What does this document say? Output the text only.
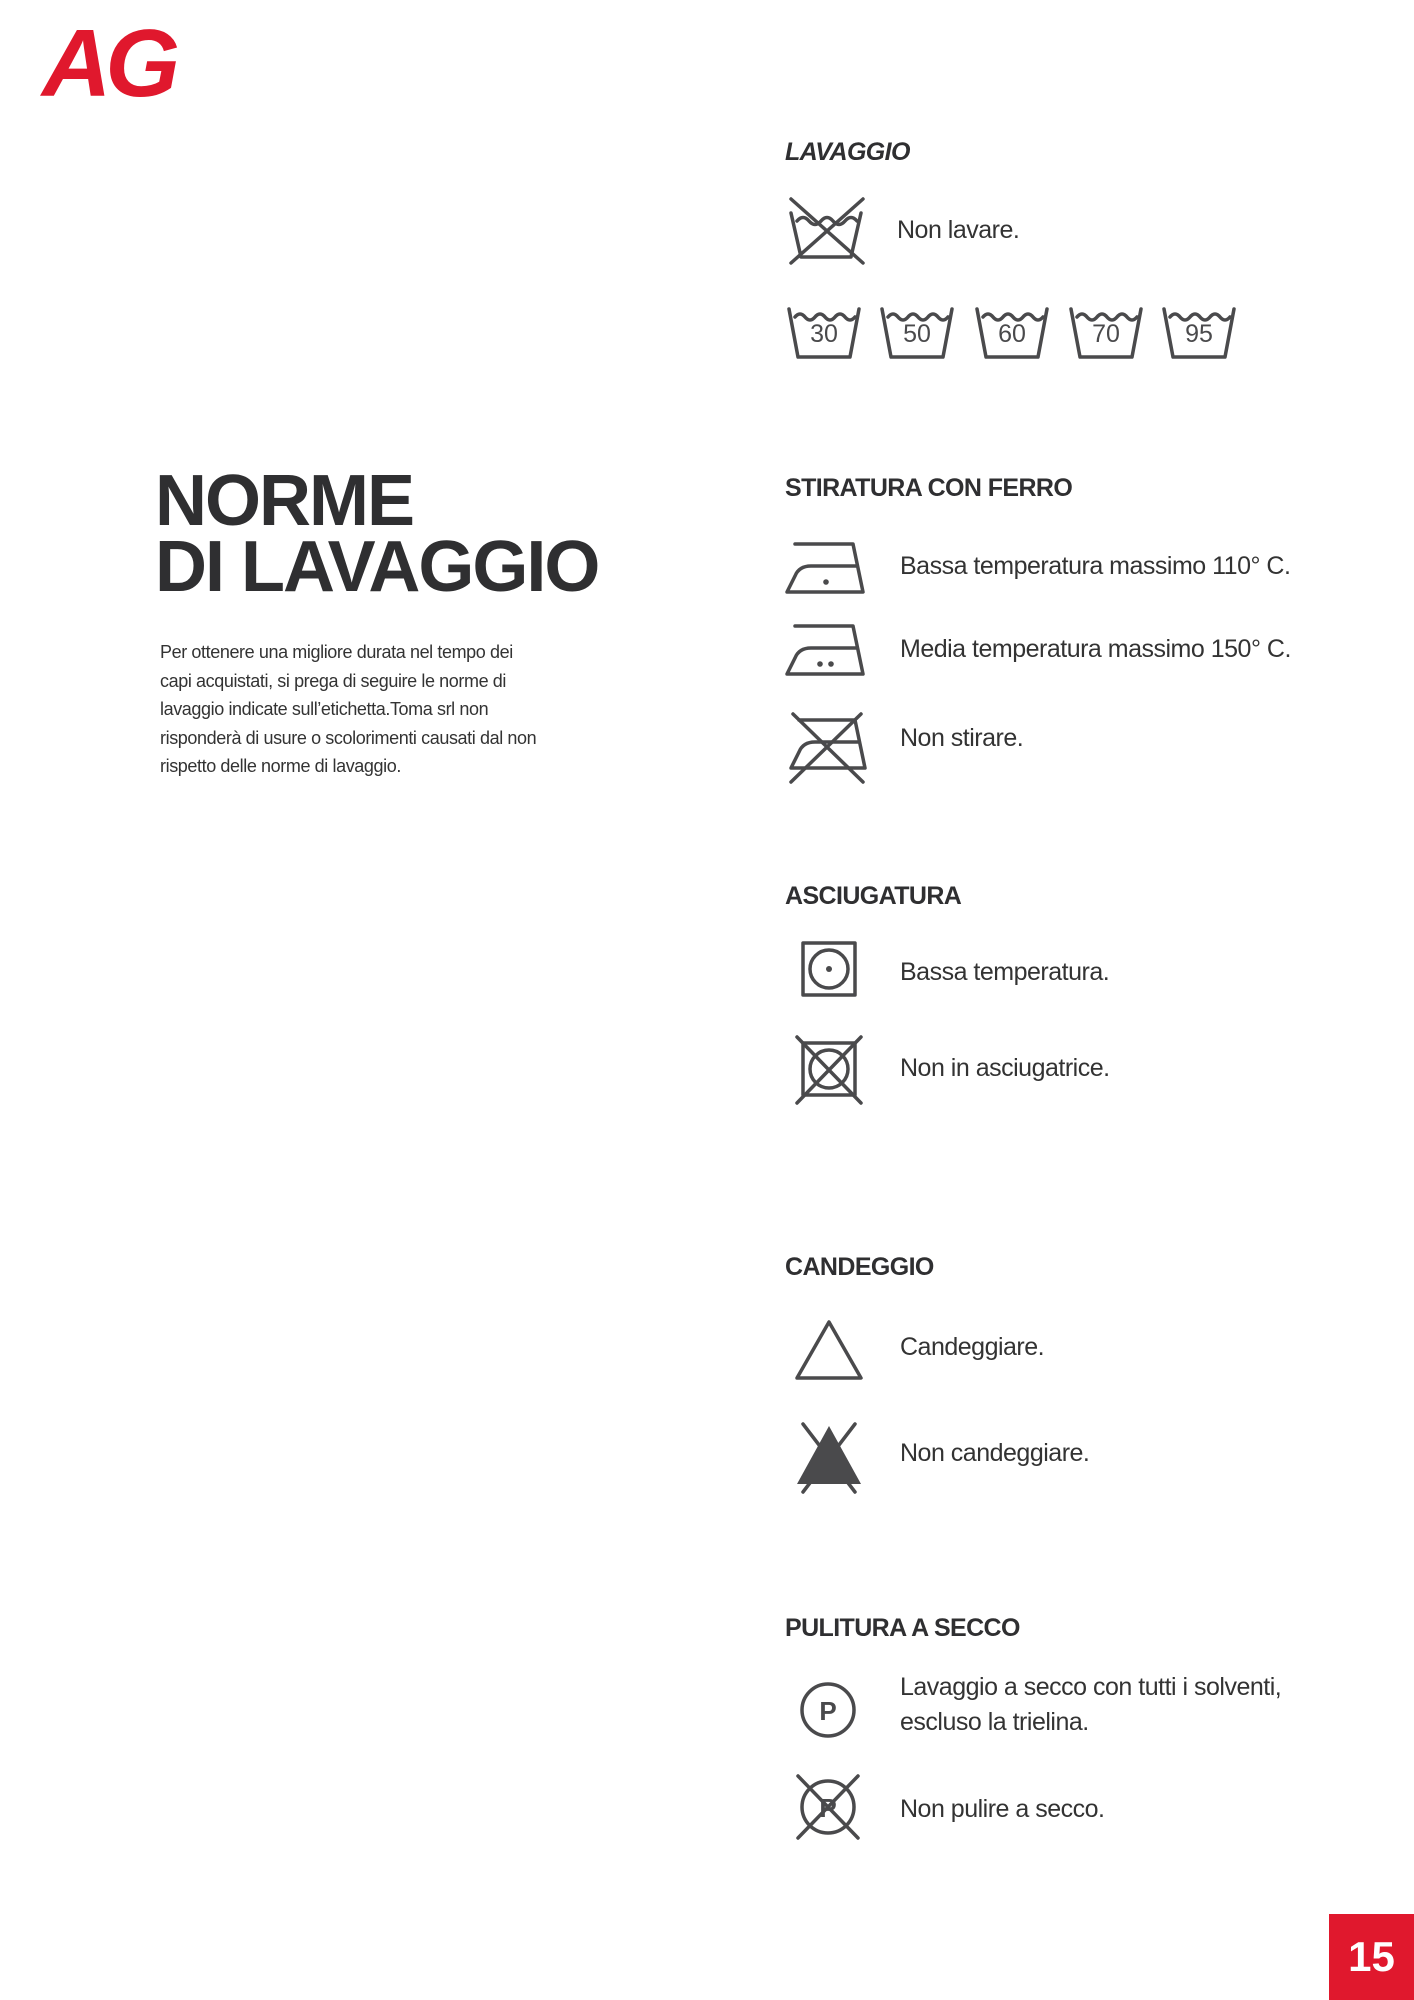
AG
NORME
DI LAVAGGIO

Per ottenere una migliore durata nel tempo dei capi acquistati, si prega di seguire le norme di lavaggio indicate sull’etichetta.Toma srl non risponderà di usure o scolorimenti causati dal non rispetto delle norme di lavaggio.

LAVAGGIO

Non lavare.

30	50	60	70	95
STIRATURA CON FERRO

Bassa temperatura massimo 110° C.

Media temperatura massimo 150° C.

Non stirare.

ASCIUGATURA

Bassa temperatura.

Non in asciugatrice.

CANDEGGIO

Candeggiare.

Non candeggiare.

PULITURA A SECCO
P

Lavaggio a secco con tutti i solventi,

escluso la trielina.

P	Non pulire a secco.

15
